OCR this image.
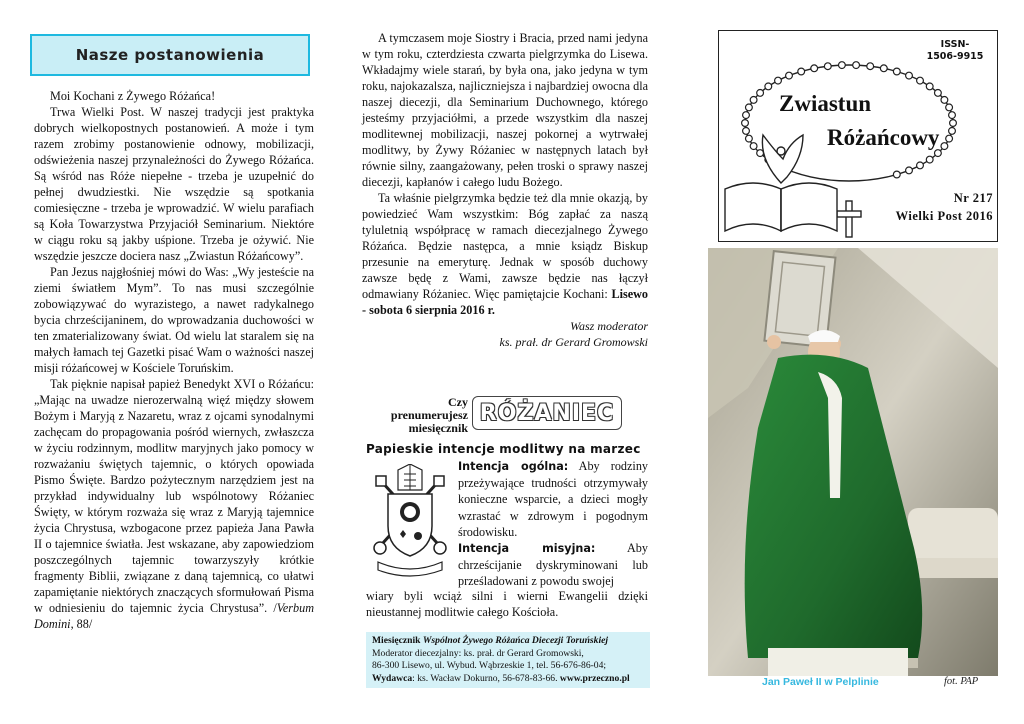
Nasze postanowienia

Moi Kochani z Żywego Różańca!

Trwa Wielki Post. W naszej tradycji jest praktyka dobrych wielkopostnych postanowień. A może i tym razem zrobimy postanowienie odnowy, mobilizacji, odświeżenia naszej przynależności do Żywego Różańca. Są wśród nas Róże niepełne - trzeba je uzupełnić do pełnej dwudziestki. Nie wszędzie są spotkania comiesięczne - trzeba je wprowadzić. W wielu parafiach są Koła Towarzystwa Przyjaciół Seminarium. Niektóre w ciągu roku są jakby uśpione. Trzeba je ożywić. Nie wszędzie jeszcze docierа nasz „Zwiastun Różańcowy”.

Pan Jezus najgłośniej mówi do Was: „Wy jesteście na ziemi światłem Mym”. To nas musi szczególnie zobowiązywać do wyrazistego, a nawet radykalnego bycia chrześcijaninem, do wprowadzania duchowości w ten zmaterializowany świat. Od wielu lat staralem się na małych łamach tej Gazetki pisać Wam o ważności naszej misji różańcowej w Kościele Toruńskim.

Tak pięknie napisał papież Benedykt XVI o Różańcu: „Mając na uwadze nierozerwalną więź między słowem Bożym i Maryją z Nazaretu, wraz z ojcami synodalnymi zachęcam do propagowania pośród wiernych, zwłaszcza w życiu rodzinnym, modlitw maryjnych jako pomocy w rozważaniu świętych tajemnic, o których opowiada Pismo Święte. Bardzo pożytecznym narzędziem jest na przykład indywidualny lub wspólnotowy Różaniec Święty, w którym rozważa się wraz z Maryją tajemnice życia Chrystusa, wzbogacone przez papieża Jana Pawła II o tajemnice światła. Jest wskazane, aby zapowiedziom poszczególnych tajemnic towarzyszyły krótkie fragmenty Biblii, związane z daną tajemnicą, co ułatwi zapamiętanie niektórych znaczących sformułowań Pisma w odniesieniu do tajemnic życia Chrystusa”. /Verbum Domini, 88/

A tymczasem moje Siostry i Bracia, przed nami jedyna w tym roku, czterdziesta czwarta pielgrzymka do Lisewa. Wkładajmy wiele starań, by była ona, jako jedyna w tym roku, najokazalsza, najliczniejsza i najbardziej owocna dla naszej diecezji, dla Seminarium Duchownego, którego jesteśmy przyjaciółmi, a przede wszystkim dla naszej modlitewnej mobilizacji, naszej pokornej a wytrwałej modlitwy, by Żywy Różaniec w następnych latach był równie silny, zaangażowany, pełen troski o sprawy naszej diecezji, kapłanów i całego ludu Bożego.

Ta właśnie pielgrzymka będzie też dla mnie okazją, by powiedzieć Wam wszystkim: Bóg zapłać za naszą tyluletnią współpracę w ramach diecezjalnego Żywego Różańca. Będzie następca, a mnie ksiądz Biskup przesunie na emeryturę. Jednak w sposób duchowy zawsze będę z Wami, zawsze będzie nas łączył odmawiany Różaniec. Więc pamiętajcie Kochani: Lisewo - sobota 6 sierpnia 2016 r.

Wasz moderator

ks. prał. dr Gerard Gromowski

Czy prenumerujesz miesięcznik
RÓŻANIEC
Papieskie intencje modlitwy na marzec
Intencja ogólna: Aby rodziny przeżywające trudności otrzymywały konieczne wsparcie, a dzieci mogły wzrastać w zdrowym i pogodnym środowisku.
Intencja misyjna: Aby chrześcijanie dyskryminowani lub prześladowani z powodu swojej
wiary byli wciąż silni i wierni Ewangelii dzięki nieustannej modlitwie całego Kościoła.
Miesięcznik Wspólnot Żywego Różańca Diecezji Toruńskiej
Moderator diecezjalny: ks. prał. dr Gerard Gromowski,
86-300 Lisewo, ul. Wybud. Wąbrzeskie 1, tel. 56-676-86-04;
Wydawca: ks. Wacław Dokurno, 56-678-83-66. www.przeczno.pl
ISSN-
1506-9915
Zwiastun
Różańcowy
Nr 217
Wielki Post 2016
Jan Paweł II w Pelplinie	fot. PAP
